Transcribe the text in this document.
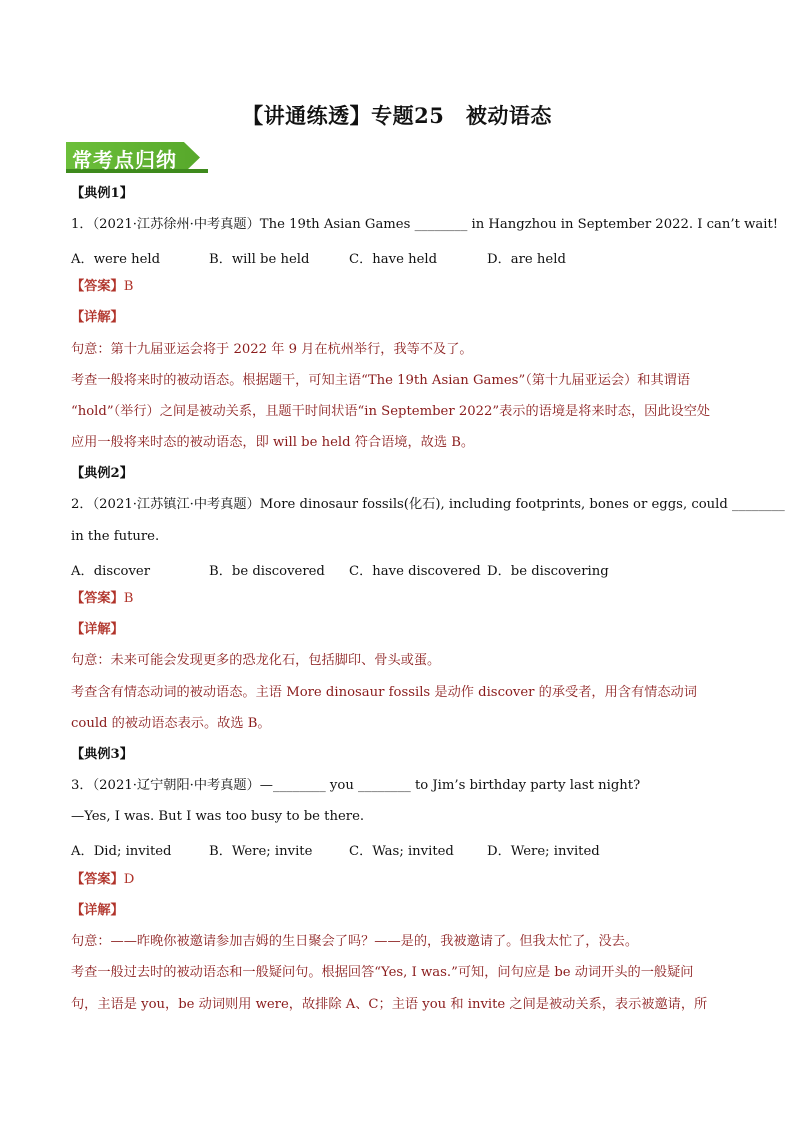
【讲通练透】专题25　被动语态
常考点归纳
【典例1】
1．（2021·江苏徐州·中考真题）The 19th Asian Games ________ in Hangzhou in September 2022. I can’t wait!
A．were held	B．will be held	C．have held	D．are held
【答案】B
【详解】
句意：第十九届亚运会将于 2022 年 9 月在杭州举行，我等不及了。
考查一般将来时的被动语态。根据题干，可知主语“The 19th Asian Games”（第十九届亚运会）和其谓语
“hold”（举行）之间是被动关系，且题干时间状语“in September 2022”表示的语境是将来时态，因此设空处
应用一般将来时态的被动语态，即 will be held 符合语境，故选 B。
【典例2】
2．（2021·江苏镇江·中考真题）More dinosaur fossils(化石), including footprints, bones or eggs, could ________
in the future.
A．discover	B．be discovered C．have discovered D．be discovering
【答案】B
【详解】
句意：未来可能会发现更多的恐龙化石，包括脚印、骨头或蛋。
考查含有情态动词的被动语态。主语 More dinosaur fossils 是动作 discover 的承受者，用含有情态动词
could 的被动语态表示。故选 B。
【典例3】
3．（2021·辽宁朝阳·中考真题）—________ you ________ to Jim’s birthday party last night?
—Yes, I was. But I was too busy to be there.
A．Did; invited	B．Were; invite	C．Was; invited	D．Were; invited
【答案】D
【详解】
句意：——昨晚你被邀请参加吉姆的生日聚会了吗？——是的，我被邀请了。但我太忙了，没去。
考查一般过去时的被动语态和一般疑问句。根据回答“Yes, I was.”可知，问句应是 be 动词开头的一般疑问
句，主语是 you，be 动词则用 were，故排除 A、C；主语 you 和 invite 之间是被动关系，表示被邀请，所
